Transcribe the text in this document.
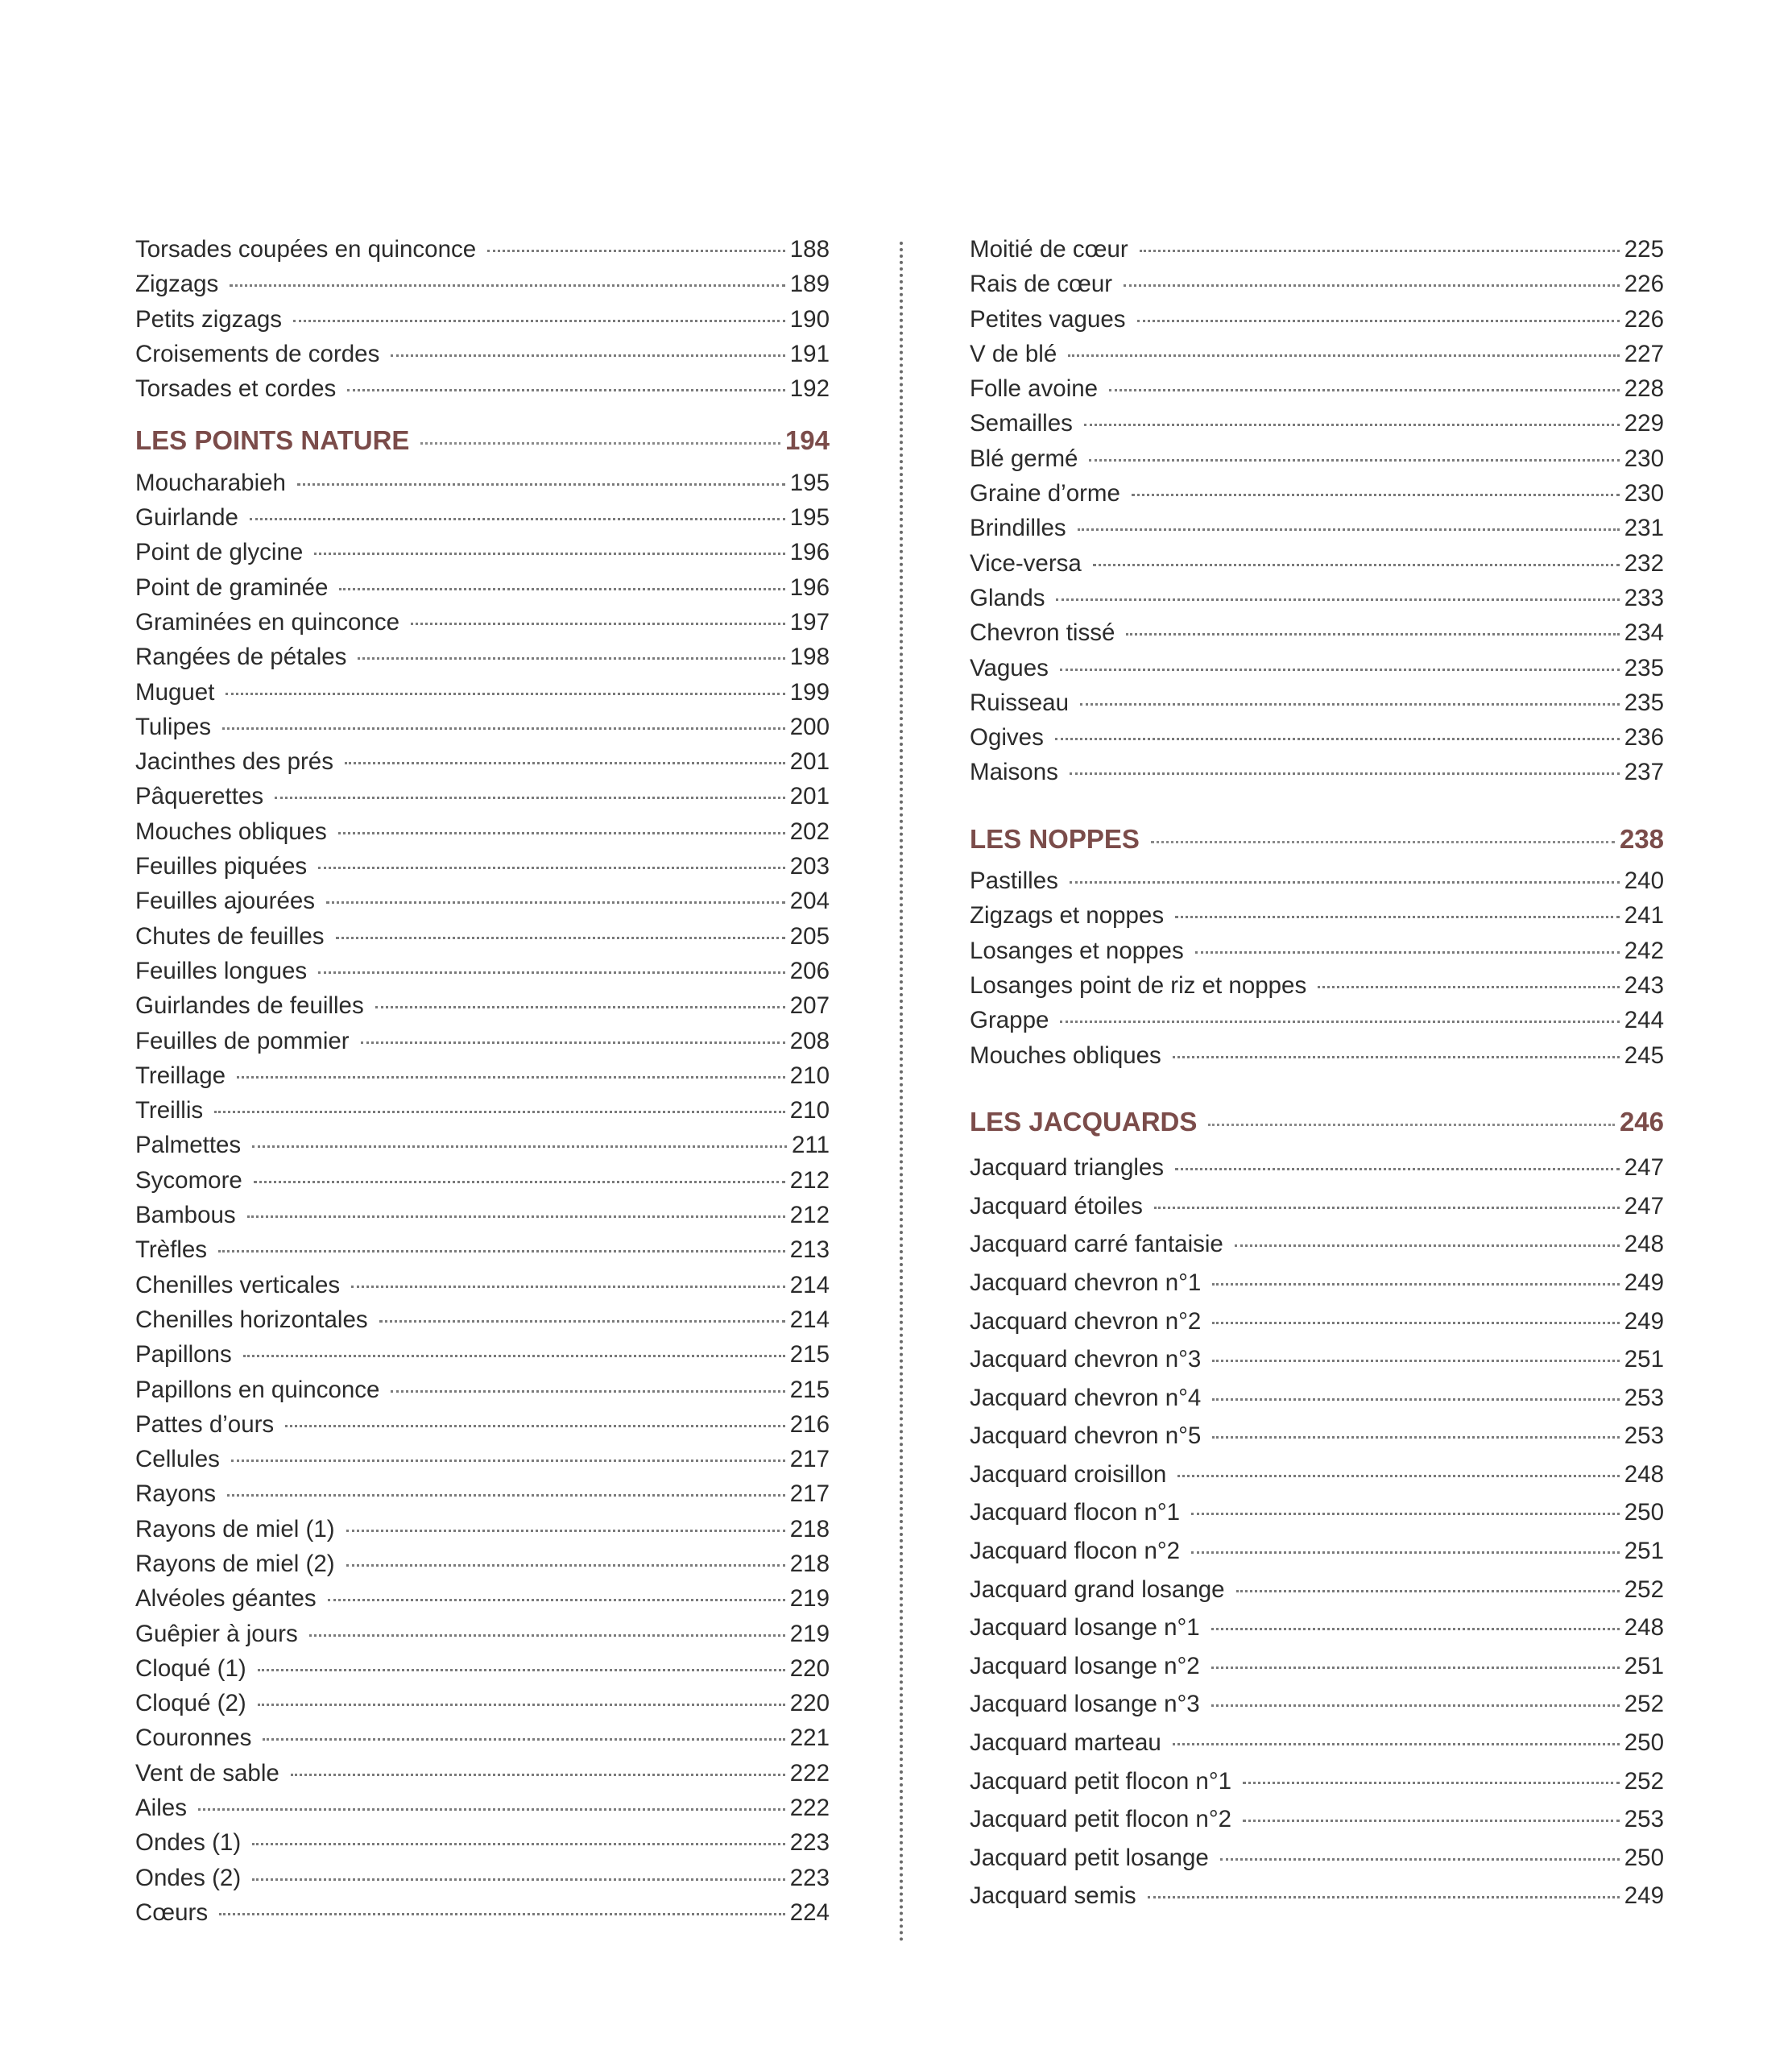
Torsades coupées en quinconce	188
Zigzags	189
Petits zigzags	190
Croisements de cordes	191
Torsades et cordes	192
LES POINTS NATURE	194
Moucharabieh	195
Guirlande	195
Point de glycine	196
Point de graminée	196
Graminées en quinconce	197
Rangées de pétales	198
Muguet	199
Tulipes	200
Jacinthes des prés	201
Pâquerettes	201
Mouches obliques	202
Feuilles piquées	203
Feuilles ajourées	204
Chutes de feuilles	205
Feuilles longues	206
Guirlandes de feuilles	207
Feuilles de pommier	208
Treillage	210
Treillis	210
Palmettes	211
Sycomore	212
Bambous	212
Trèfles	213
Chenilles verticales	214
Chenilles horizontales	214
Papillons	215
Papillons en quinconce	215
Pattes d’ours	216
Cellules	217
Rayons	217
Rayons de miel (1)	218
Rayons de miel (2)	218
Alvéoles géantes	219
Guêpier à jours	219
Cloqué (1)	220
Cloqué (2)	220
Couronnes	221
Vent de sable	222
Ailes	222
Ondes (1)	223
Ondes (2)	223
Cœurs	224
Moitié de cœur	225
Rais de cœur	226
Petites vagues	226
V de blé	227
Folle avoine	228
Semailles	229
Blé germé	230
Graine d’orme	230
Brindilles	231
Vice-versa	232
Glands	233
Chevron tissé	234
Vagues	235
Ruisseau	235
Ogives	236
Maisons	237
LES NOPPES	238
Pastilles	240
Zigzags et noppes	241
Losanges et noppes	242
Losanges point de riz et noppes	243
Grappe	244
Mouches obliques	245
LES JACQUARDS	246
Jacquard triangles	247
Jacquard étoiles	247
Jacquard carré fantaisie	248
Jacquard chevron n°1	249
Jacquard chevron n°2	249
Jacquard chevron n°3	251
Jacquard chevron n°4	253
Jacquard chevron n°5	253
Jacquard croisillon	248
Jacquard flocon n°1	250
Jacquard flocon n°2	251
Jacquard grand losange	252
Jacquard losange n°1	248
Jacquard losange n°2	251
Jacquard losange n°3	252
Jacquard marteau	250
Jacquard petit flocon n°1	252
Jacquard petit flocon n°2	253
Jacquard petit losange	250
Jacquard semis	249
